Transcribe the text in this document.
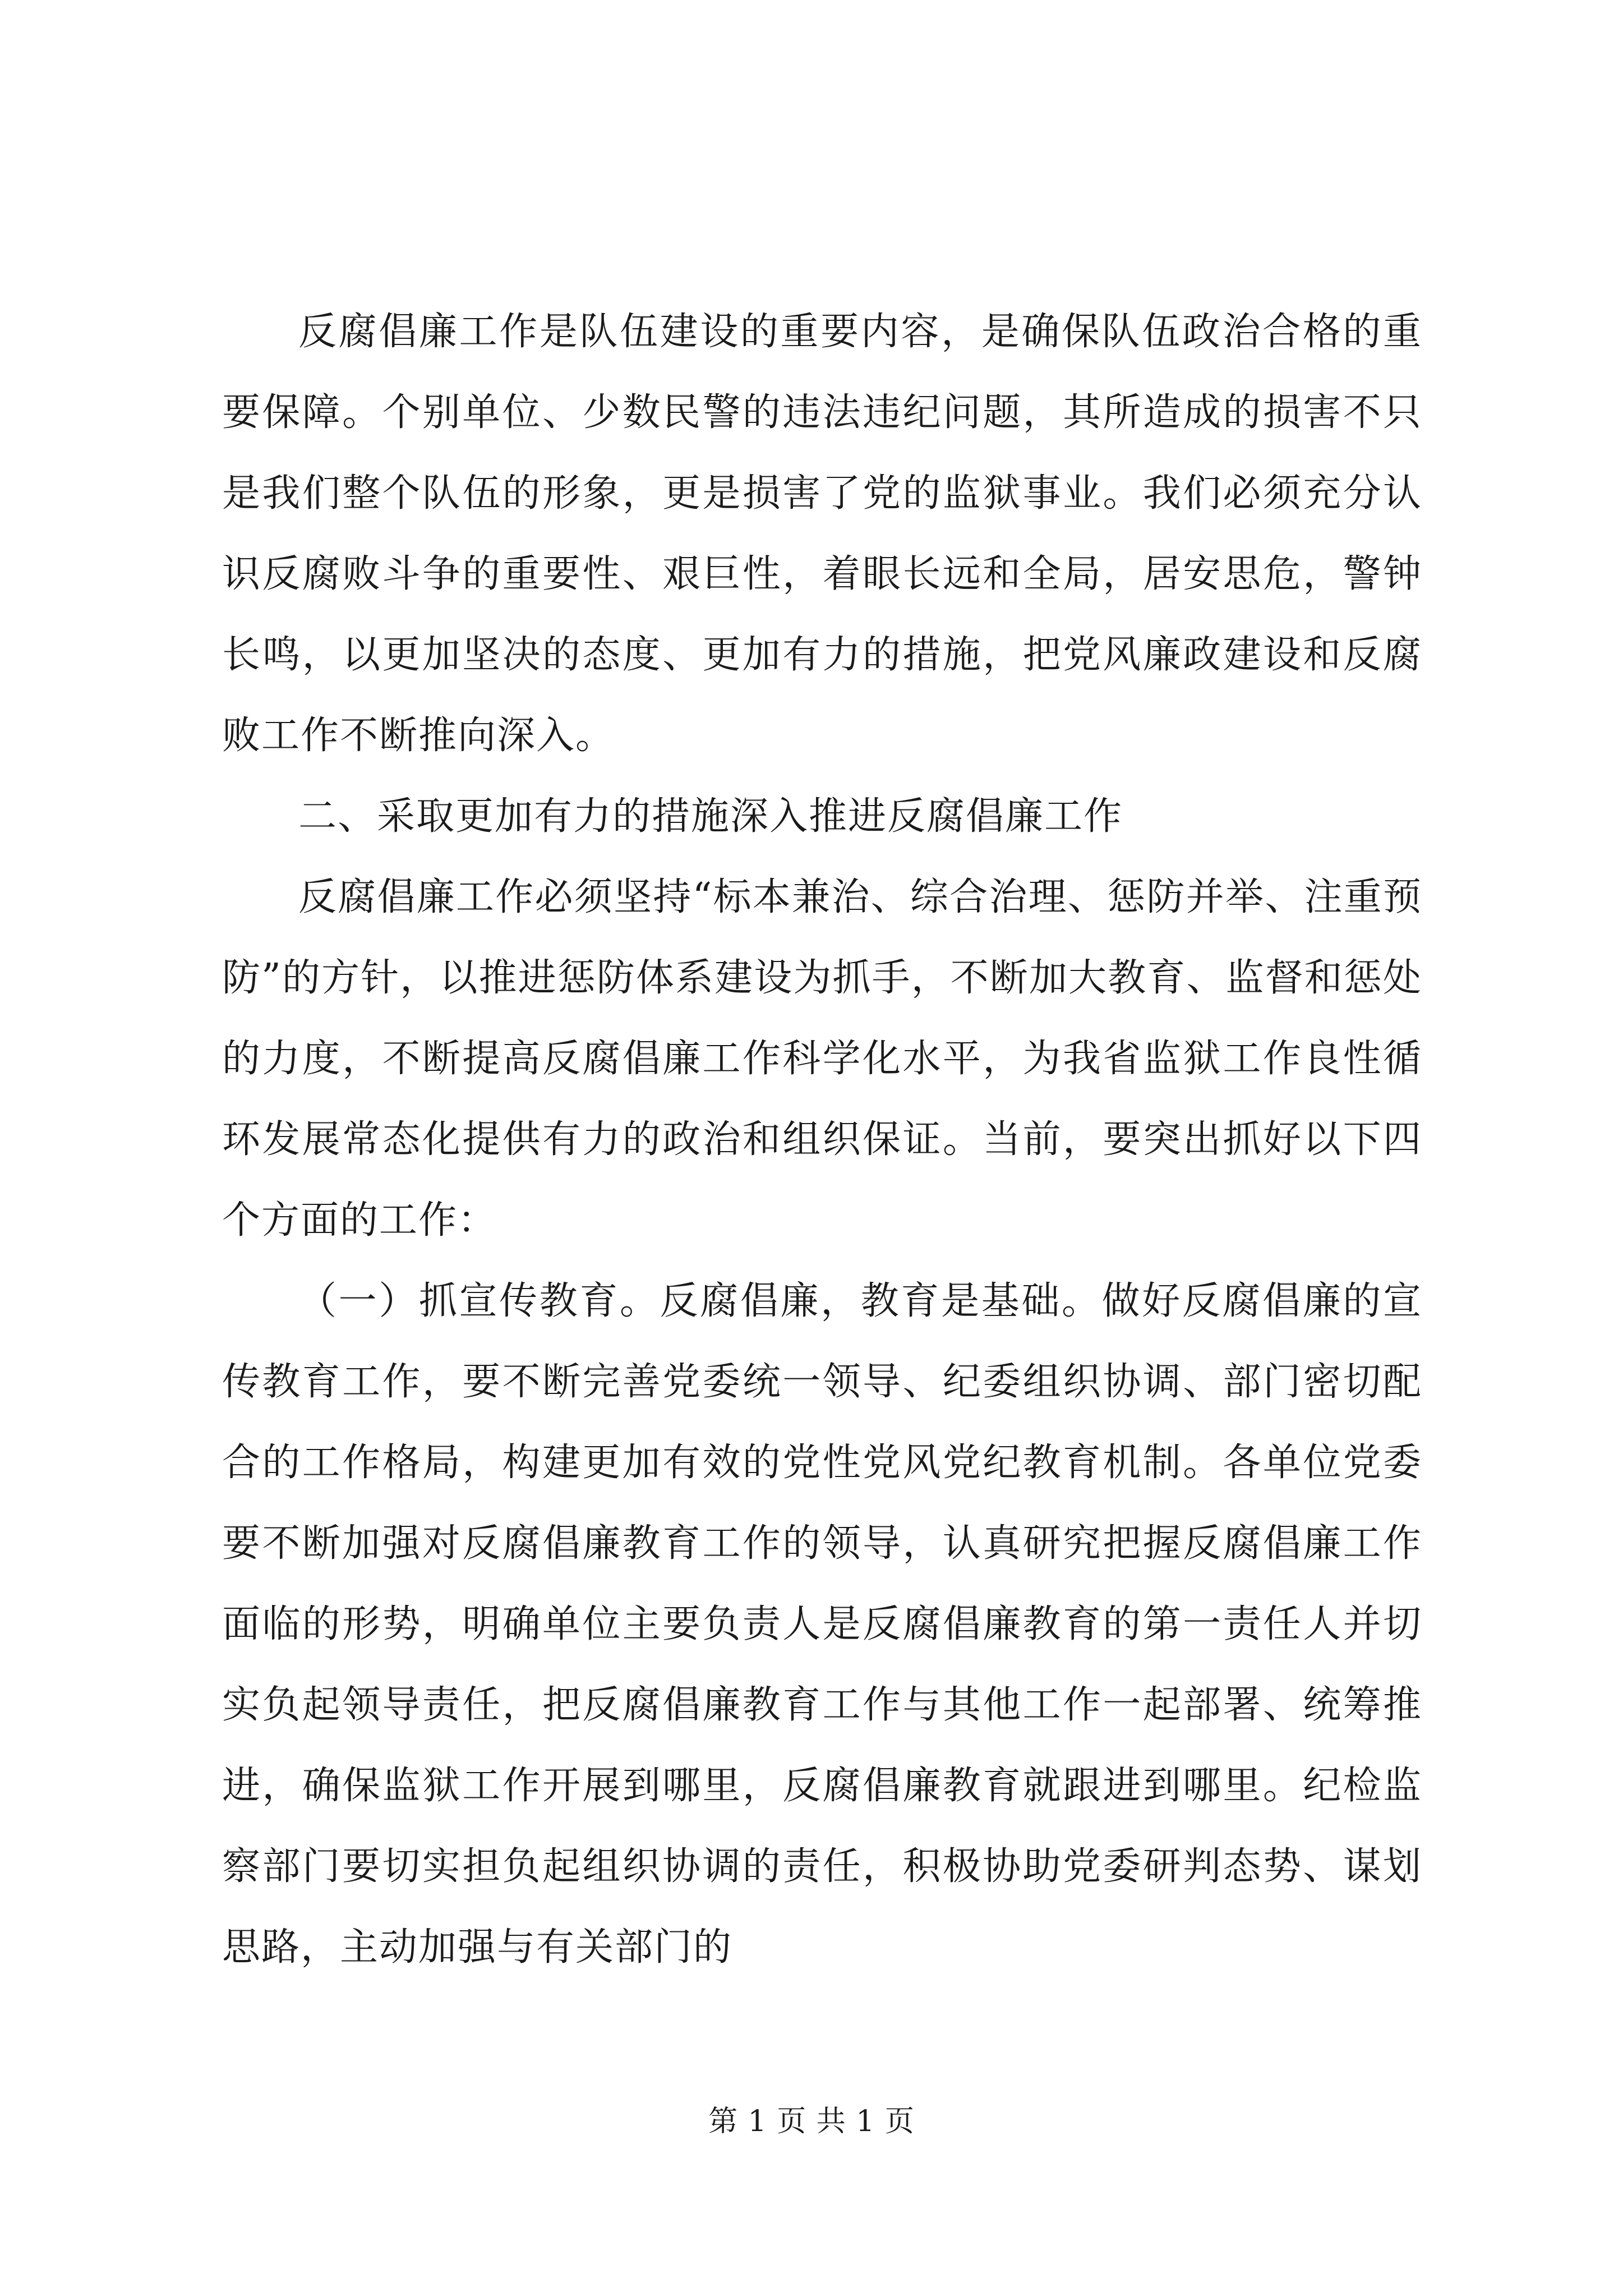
反腐倡廉工作是队伍建设的重要内容，是确保队伍政治合格的重要保障。个别单位、少数民警的违法违纪问题，其所造成的损害不只是我们整个队伍的形象，更是损害了党的监狱事业。我们必须充分认识反腐败斗争的重要性、艰巨性，着眼长远和全局，居安思危，警钟长鸣，以更加坚决的态度、更加有力的措施，把党风廉政建设和反腐败工作不断推向深入。

二、采取更加有力的措施深入推进反腐倡廉工作

反腐倡廉工作必须坚持“标本兼治、综合治理、惩防并举、注重预防”的方针，以推进惩防体系建设为抓手，不断加大教育、监督和惩处的力度，不断提高反腐倡廉工作科学化水平，为我省监狱工作良性循环发展常态化提供有力的政治和组织保证。当前，要突出抓好以下四个方面的工作：

（一）抓宣传教育。反腐倡廉，教育是基础。做好反腐倡廉的宣传教育工作，要不断完善党委统一领导、纪委组织协调、部门密切配合的工作格局，构建更加有效的党性党风党纪教育机制。各单位党委要不断加强对反腐倡廉教育工作的领导，认真研究把握反腐倡廉工作面临的形势，明确单位主要负责人是反腐倡廉教育的第一责任人并切实负起领导责任，把反腐倡廉教育工作与其他工作一起部署、统筹推进，确保监狱工作开展到哪里，反腐倡廉教育就跟进到哪里。纪检监察部门要切实担负起组织协调的责任，积极协助党委研判态势、谋划思路，主动加强与有关部门的

第 1 页 共 1 页
